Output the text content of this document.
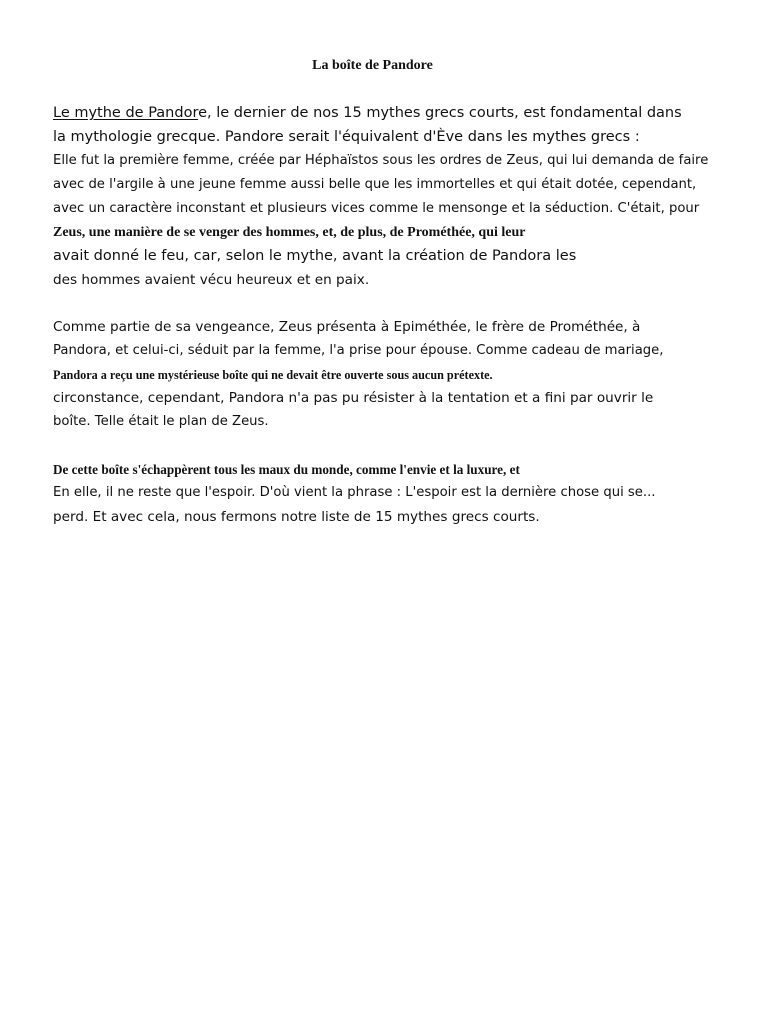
La boîte de Pandore

Le mythe de Pandore, le dernier de nos 15 mythes grecs courts, est fondamental dans

la mythologie grecque. Pandore serait l'équivalent d'Ève dans les mythes grecs :

Elle fut la première femme, créée par Héphaïstos sous les ordres de Zeus, qui lui demanda de faire

avec de l'argile à une jeune femme aussi belle que les immortelles et qui était dotée, cependant,

avec un caractère inconstant et plusieurs vices comme le mensonge et la séduction. C'était, pour

Zeus, une manière de se venger des hommes, et, de plus, de Prométhée, qui leur

avait donné le feu, car, selon le mythe, avant la création de Pandora les

des hommes avaient vécu heureux et en paix.

Comme partie de sa vengeance, Zeus présenta à Epiméthée, le frère de Prométhée, à

Pandora, et celui-ci, séduit par la femme, l'a prise pour épouse. Comme cadeau de mariage,

Pandora a reçu une mystérieuse boîte qui ne devait être ouverte sous aucun prétexte.

circonstance, cependant, Pandora n'a pas pu résister à la tentation et a fini par ouvrir le

boîte. Telle était le plan de Zeus.

De cette boîte s'échappèrent tous les maux du monde, comme l'envie et la luxure, et

En elle, il ne reste que l'espoir. D'où vient la phrase : L'espoir est la dernière chose qui se...

perd. Et avec cela, nous fermons notre liste de 15 mythes grecs courts.
